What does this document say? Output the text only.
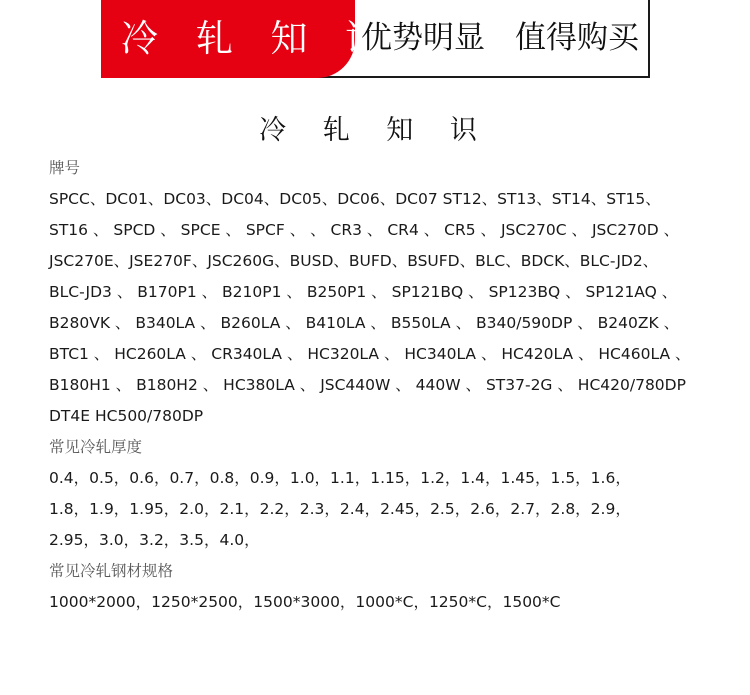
冷 轧 知 识
优势明显 值得购买
冷 轧 知 识
牌号
SPCC、DC01、DC03、DC04、DC05、DC06、DC07 ST12、ST13、ST14、ST15、
ST16 、 SPCD 、 SPCE 、 SPCF 、 、 CR3 、 CR4 、 CR5 、 JSC270C 、 JSC270D 、
JSC270E、JSE270F、JSC260G、BUSD、BUFD、BSUFD、BLC、BDCK、BLC-JD2、
BLC-JD3 、 B170P1 、 B210P1 、 B250P1 、 SP121BQ 、 SP123BQ 、 SP121AQ 、
B280VK 、 B340LA 、 B260LA 、 B410LA 、 B550LA 、 B340/590DP 、 B240ZK 、
BTC1 、 HC260LA 、 CR340LA 、 HC320LA 、 HC340LA 、 HC420LA 、 HC460LA 、
B180H1 、 B180H2 、 HC380LA 、 JSC440W 、 440W 、 ST37-2G 、 HC420/780DP
DT4E HC500/780DP
常见冷轧厚度
0.4，0.5，0.6，0.7，0.8，0.9，1.0，1.1，1.15，1.2，1.4，1.45，1.5，1.6，
1.8，1.9，1.95，2.0，2.1，2.2，2.3，2.4，2.45，2.5，2.6，2.7，2.8，2.9，
2.95，3.0，3.2，3.5，4.0，
常见冷轧钢材规格
1000*2000，1250*2500，1500*3000，1000*C，1250*C，1500*C
